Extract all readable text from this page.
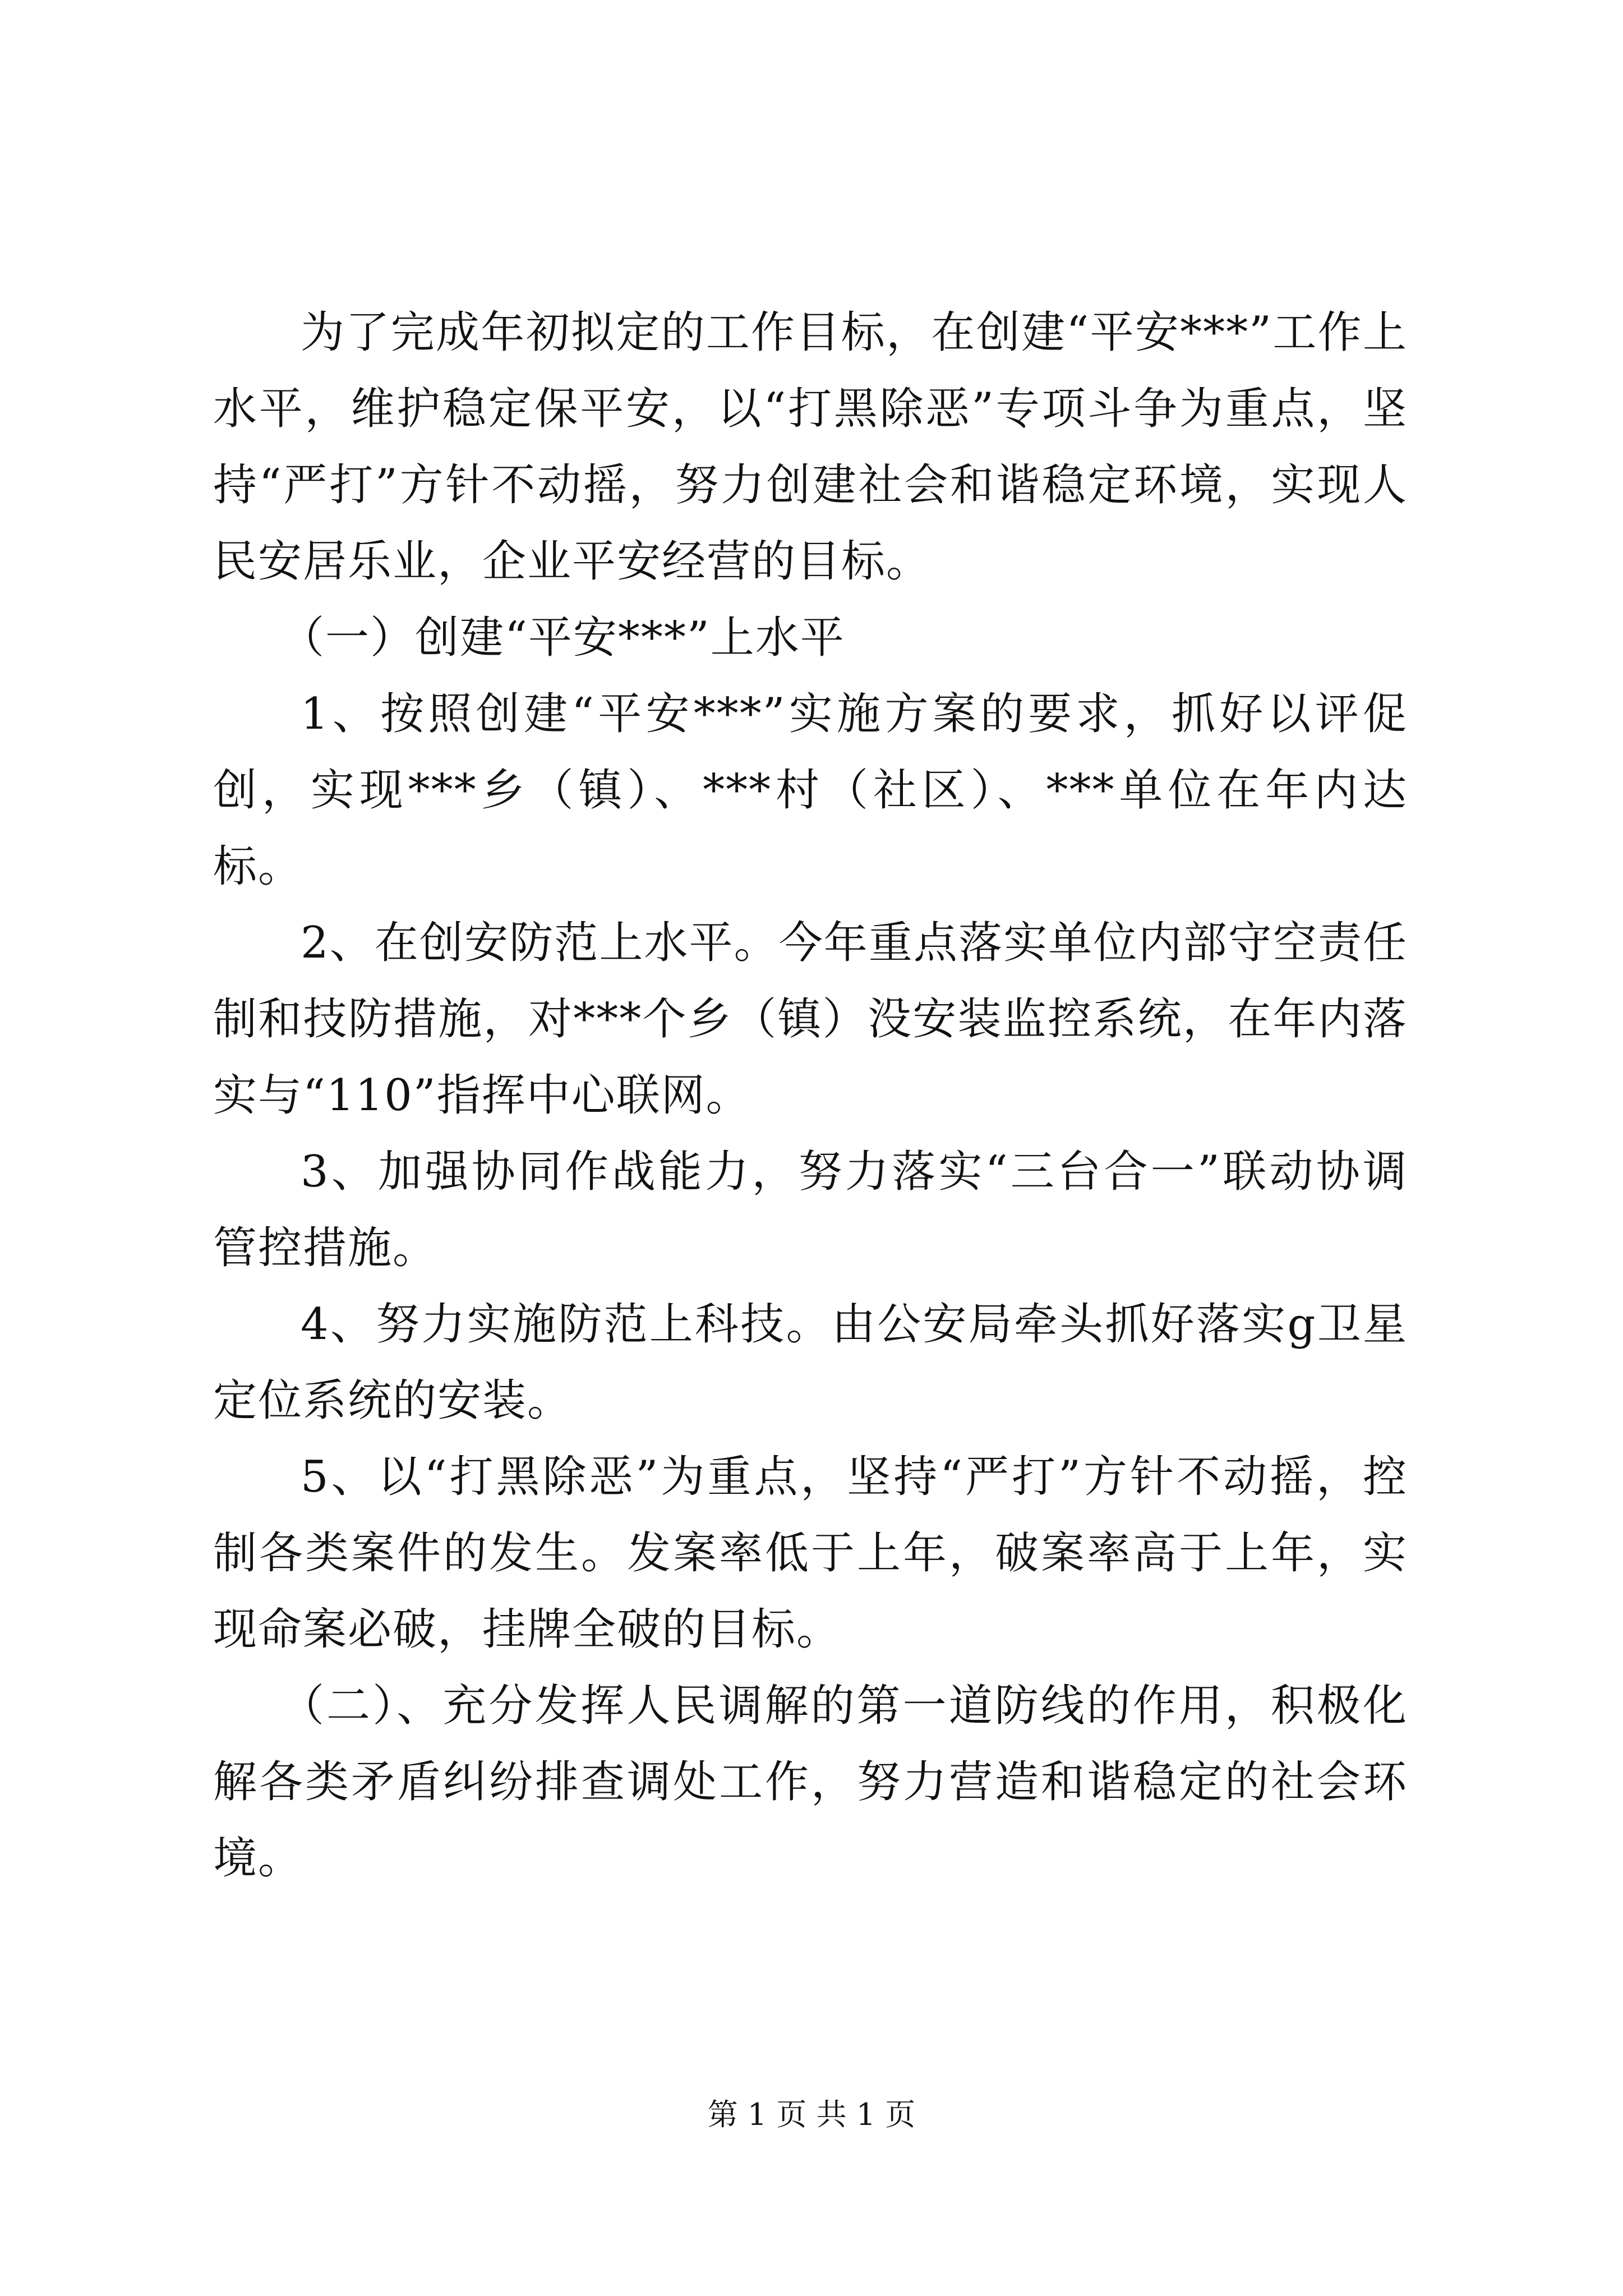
为了完成年初拟定的工作目标，在创建“平安***”工作上水平，维护稳定保平安，以“打黑除恶”专项斗争为重点，坚持“严打”方针不动摇，努力创建社会和谐稳定环境，实现人民安居乐业，企业平安经营的目标。

（一）创建“平安***”上水平

1、按照创建“平安***”实施方案的要求，抓好以评促创，实现***乡（镇）、***村（社区）、***单位在年内达标。

2、在创安防范上水平。今年重点落实单位内部守空责任制和技防措施，对***个乡（镇）没安装监控系统，在年内落实与“110”指挥中心联网。

3、加强协同作战能力，努力落实“三台合一”联动协调管控措施。

4、努力实施防范上科技。由公安局牵头抓好落实g卫星定位系统的安装。

5、以“打黑除恶”为重点，坚持“严打”方针不动摇，控制各类案件的发生。发案率低于上年，破案率高于上年，实现命案必破，挂牌全破的目标。

（二）、充分发挥人民调解的第一道防线的作用，积极化解各类矛盾纠纷排查调处工作，努力营造和谐稳定的社会环境。

第 1 页 共 1 页
